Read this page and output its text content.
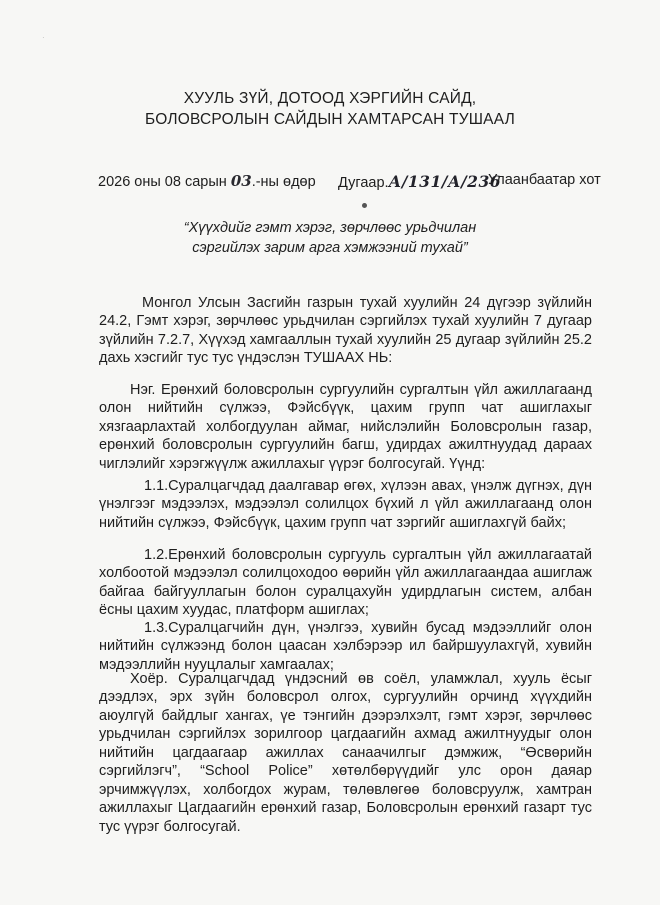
·
ХУУЛЬ ЗҮЙ, ДОТООД ХЭРГИЙН САЙД,
БОЛОВСРОЛЫН САЙДЫН ХАМТАРСАН ТУШААЛ
2026 оны 08 сарын 03.-ны өдөр Дугаар.А/131/А/236
Улаанбаатар хот
“Хүүхдийг гэмт хэрэг, зөрчлөөс урьдчилан
сэргийлэх зарим арга хэмжээний тухай”

Монгол Улсын Засгийн газрын тухай хуулийн 24 дүгээр зүйлийн 24.2, Гэмт хэрэг, зөрчлөөс урьдчилан сэргийлэх тухай хуулийн 7 дугаар зүйлийн 7.2.7, Хүүхэд хамгааллын тухай хуулийн 25 дугаар зүйлийн 25.2 дахь хэсгийг тус тус үндэслэн ТУШААХ НЬ:

Нэг. Ерөнхий боловсролын сургуулийн сургалтын үйл ажиллагаанд олон нийтийн сүлжээ, Фэйсбүүк, цахим групп чат ашиглахыг хязгаарлахтай холбогдуулан аймаг, нийслэлийн Боловсролын газар, ерөнхий боловсролын сургуулийн багш, удирдах ажилтнуудад дараах чиглэлийг хэрэгжүүлж ажиллахыг үүрэг болгосугай. Үүнд:

1.1.Суралцагчдад даалгавар өгөх, хүлээн авах, үнэлж дүгнэх, дүн үнэлгээг мэдээлэх, мэдээлэл солилцох бүхий л үйл ажиллагаанд олон нийтийн сүлжээ, Фэйсбүүк, цахим групп чат зэргийг ашиглахгүй байх;

1.2.Ерөнхий боловсролын сургууль сургалтын үйл ажиллагаатай холбоотой мэдээлэл солилцоходоо өөрийн үйл ажиллагаандаа ашиглаж байгаа байгууллагын болон суралцахуйн удирдлагын систем, албан ёсны цахим хуудас, платформ ашиглах;

1.3.Суралцагчийн дүн, үнэлгээ, хувийн бусад мэдээллийг олон нийтийн сүлжээнд болон цаасан хэлбэрээр ил байршуулахгүй, хувийн мэдээллийн нууцлалыг хамгаалах;

Хоёр. Суралцагчдад үндэсний өв соёл, уламжлал, хууль ёсыг дээдлэх, эрх зүйн боловсрол олгох, сургуулийн орчинд хүүхдийн аюулгүй байдлыг хангах, үе тэнгийн дээрэлхэлт, гэмт хэрэг, зөрчлөөс урьдчилан сэргийлэх зорилгоор цагдаагийн ахмад ажилтнуудыг олон нийтийн цагдаагаар ажиллах санаачилгыг дэмжиж, “Өсвөрийн сэргийлэгч”, “School Police” хөтөлбөрүүдийг улс орон даяар эрчимжүүлэх, холбогдох журам, төлөвлөгөө боловсруулж, хамтран ажиллахыг Цагдаагийн ерөнхий газар, Боловсролын ерөнхий газарт тус тус үүрэг болгосугай.
